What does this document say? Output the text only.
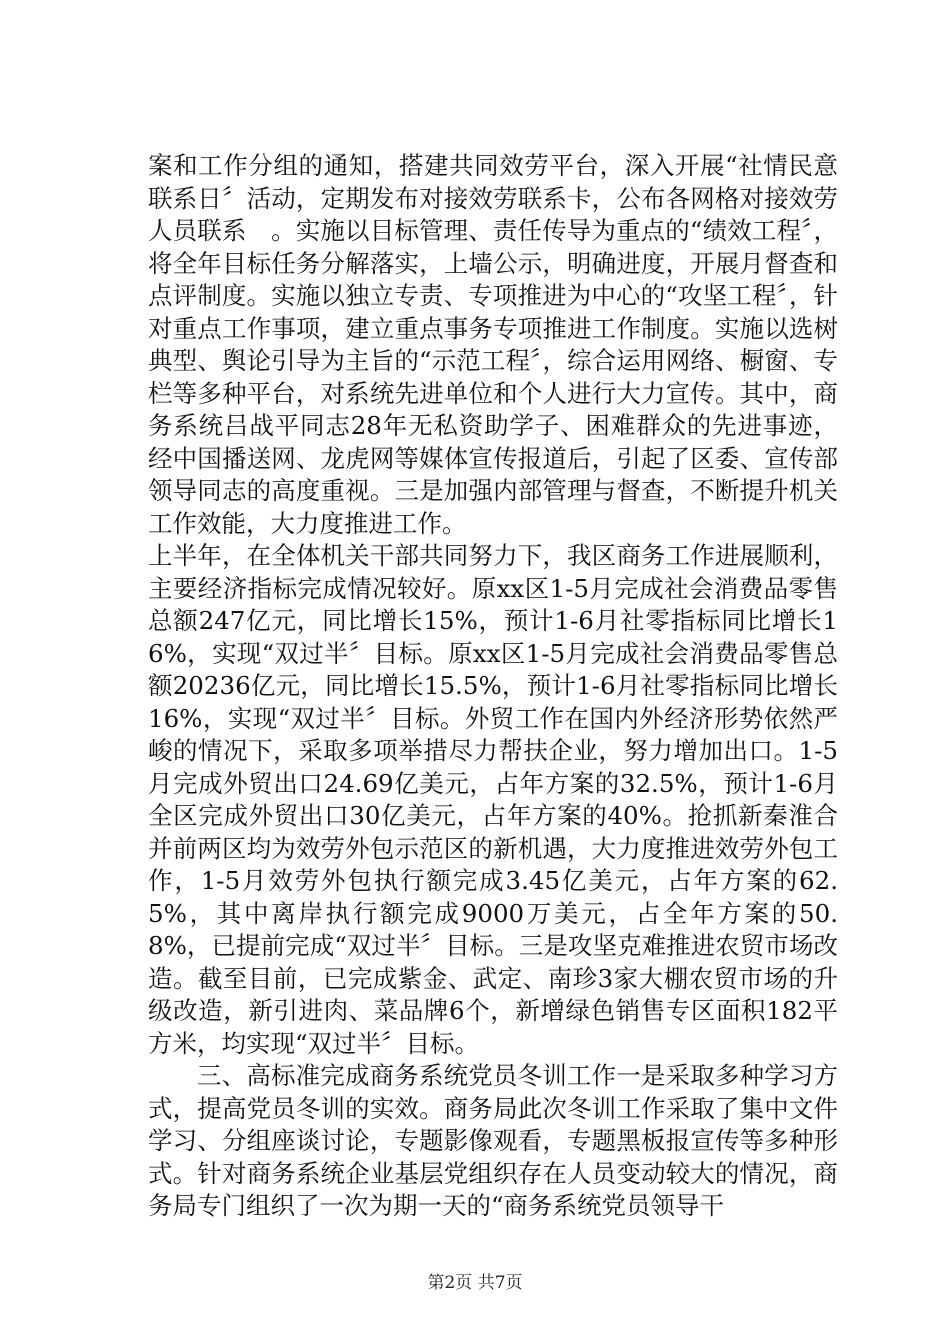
案和工作分组的通知，搭建共同效劳平台，深入开展“社情民意联系日〞活动，定期发布对接效劳联系卡，公布各网格对接效劳人员联系　。实施以目标管理、责任传导为重点的“绩效工程〞，将全年目标任务分解落实，上墙公示，明确进度，开展月督查和点评制度。实施以独立专责、专项推进为中心的“攻坚工程〞，针对重点工作事项，建立重点事务专项推进工作制度。实施以选树典型、舆论引导为主旨的“示范工程〞，综合运用网络、橱窗、专栏等多种平台，对系统先进单位和个人进行大力宣传。其中，商务系统吕战平同志28年无私资助学子、困难群众的先进事迹，经中国播送网、龙虎网等媒体宣传报道后，引起了区委、宣传部领导同志的高度重视。三是加强内部管理与督查，不断提升机关工作效能，大力度推进工作。

上半年，在全体机关干部共同努力下，我区商务工作进展顺利，主要经济指标完成情况较好。原xx区1-5月完成社会消费品零售总额247亿元，同比增长15%，预计1-6月社零指标同比增长16%，实现“双过半〞目标。原xx区1-5月完成社会消费品零售总额20236亿元，同比增长15.5%，预计1-6月社零指标同比增长16%，实现“双过半〞目标。外贸工作在国内外经济形势依然严峻的情况下，采取多项举措尽力帮扶企业，努力增加出口。1-5月完成外贸出口24.69亿美元，占年方案的32.5%，预计1-6月全区完成外贸出口30亿美元，占年方案的40%。抢抓新秦淮合并前两区均为效劳外包示范区的新机遇，大力度推进效劳外包工作，1-5月效劳外包执行额完成3.45亿美元，占年方案的62.5%，其中离岸执行额完成9000万美元，占全年方案的50.8%，已提前完成“双过半〞目标。三是攻坚克难推进农贸市场改造。截至目前，已完成紫金、武定、南珍3家大棚农贸市场的升级改造，新引进肉、菜品牌6个，新增绿色销售专区面积182平方米，均实现“双过半〞目标。

三、高标准完成商务系统党员冬训工作一是采取多种学习方式，提高党员冬训的实效。商务局此次冬训工作采取了集中文件学习、分组座谈讨论，专题影像观看，专题黑板报宣传等多种形式。针对商务系统企业基层党组织存在人员变动较大的情况，商务局专门组织了一次为期一天的“商务系统党员领导干

第2页 共7页
